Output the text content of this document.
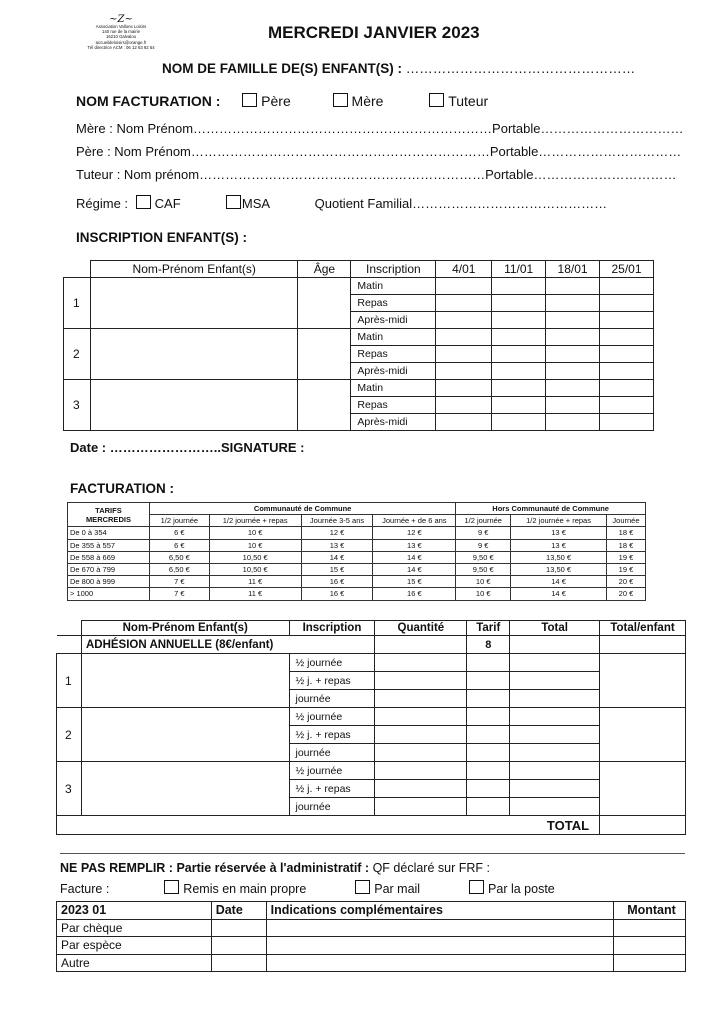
~Z~
Association Vallons Loisirs
140 rue de la mairie
16210 Galvalou
accueildeloisirs@orange.fr
Tél directrice ACM : 06 12 63 92 54
MERCREDI JANVIER 2023
NOM DE FAMILLE DE(S) ENFANT(S) : ……………………………………………
NOM FACTURATION :	Père	Mère	Tuteur
Mère : Nom Prénom……………………………………………………………Portable……………………………
Père : Nom Prénom……………………………………………………………Portable……………………………
Tuteur : Nom prénom…………………………………………………………Portable……………………………
Régime : CAF	MSA	Quotient Familial………………………………………
INSCRIPTION ENFANT(S) :
	Nom-Prénom Enfant(s)	Âge	Inscription	4/01	11/01	18/01	25/01
1			Matin				
			Repas				
			Après-midi				
2			Matin				
			Repas				
			Après-midi				
3			Matin				
			Repas				
			Après-midi				
Date : ……………………..SIGNATURE :
FACTURATION :
TARIFS
MERCREDIS	Communauté de Commune				Hors Communauté de Commune		
	1/2 journée	1/2 journée + repas	Journée 3-5 ans	Journée + de 6 ans	1/2 journée	1/2 journée + repas	Journée
De 0 à 354	6 €	10 €	12 €	12 €	9 €	13 €	18 €
De 355 à 557	6 €	10 €	13 €	13 €	9 €	13 €	18 €
De 558 à 669	6,50 €	10,50 €	14 €	14 €	9,50 €	13,50 €	19 €
De 670 à 799	6,50 €	10,50 €	15 €	14 €	9,50 €	13,50 €	19 €
De 800 à 999	7 €	11 €	16 €	15 €	10 €	14 €	20 €
> 1000	7 €	11 €	16 €	16 €	10 €	14 €	20 €
	Nom-Prénom Enfant(s)	Inscription	Quantité	Tarif	Total	Total/enfant
	ADHÉSION ANNUELLE (8€/enfant)			8		
1		½ journée				
		½ j. + repas				
		journée				
2		½ journée				
		½ j. + repas				
		journée				
3		½ journée				
		½ j. + repas				
		journée				
TOTAL						
NE PAS REMPLIR : Partie réservée à l'administratif : QF déclaré sur FRF :
Facture :	Remis en main propre	Par mail	Par la poste
2023 01	Date	Indications complémentaires	Montant
Par chèque			
Par espèce			
Autre			
